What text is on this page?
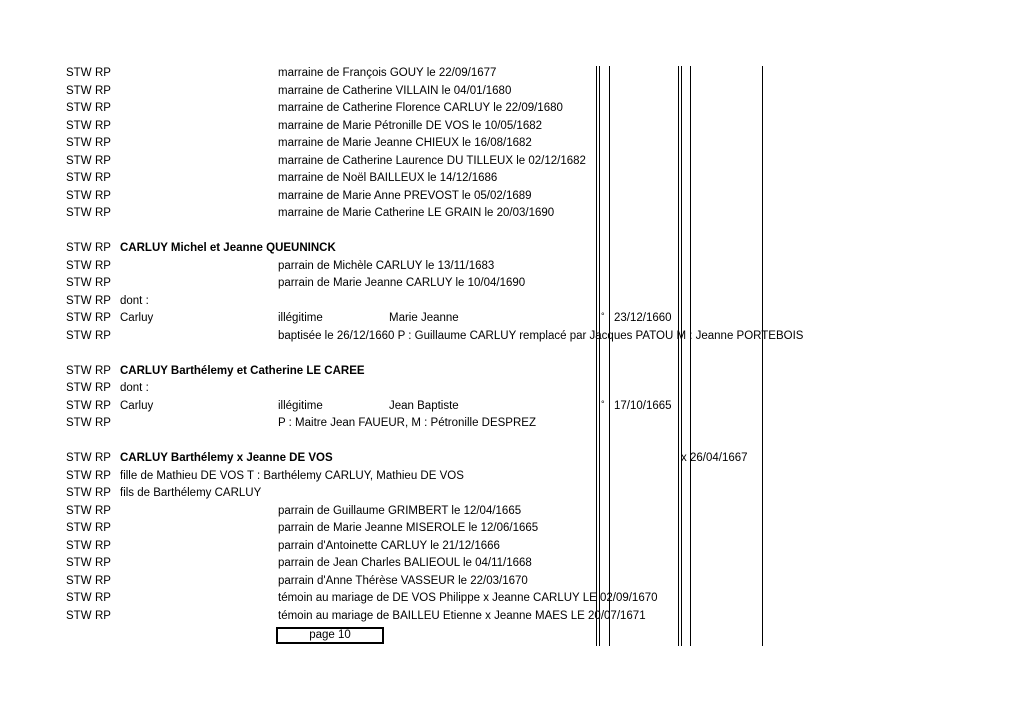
STW RP	marraine de François GOUY le 22/09/1677
STW RP	marraine de Catherine VILLAIN le 04/01/1680
STW RP	marraine de Catherine Florence CARLUY le 22/09/1680
STW RP	marraine de Marie Pétronille DE VOS le 10/05/1682
STW RP	marraine de Marie Jeanne CHIEUX le 16/08/1682
STW RP	marraine de Catherine Laurence DU TILLEUX le 02/12/1682
STW RP	marraine de Noël BAILLEUX le 14/12/1686
STW RP	marraine de Marie Anne PREVOST le 05/02/1689
STW RP	marraine de Marie Catherine LE GRAIN le 20/03/1690
STW RP CARLUY Michel et Jeanne QUEUNINCK
STW RP	parrain de Michèle CARLUY le 13/11/1683
STW RP	parrain de Marie Jeanne CARLUY le 10/04/1690
STW RP dont :
STW RP Carluy	illégitime	Marie Jeanne	° 23/12/1660
STW RP	baptisée le 26/12/1660 P : Guillaume CARLUY remplacé par Jacques PATOU M : Jeanne PORTEBOIS
STW RP CARLUY Barthélemy et Catherine LE CAREE
STW RP dont :
STW RP Carluy	illégitime	Jean Baptiste	° 17/10/1665
STW RP	P : Maitre Jean FAUEUR, M : Pétronille DESPREZ
STW RP CARLUY Barthélemy x Jeanne DE VOS	x 26/04/1667
STW RP fille de Mathieu DE VOS T : Barthélemy CARLUY, Mathieu DE VOS
STW RP fils de Barthélemy CARLUY
STW RP	parrain de Guillaume GRIMBERT le 12/04/1665
STW RP	parrain de Marie Jeanne MISEROLE le 12/06/1665
STW RP	parrain d'Antoinette CARLUY le 21/12/1666
STW RP	parrain de Jean Charles BALIEOUL le 04/11/1668
STW RP	parrain d'Anne Thérèse VASSEUR le 22/03/1670
STW RP	témoin au mariage de DE VOS Philippe x Jeanne CARLUY LE 02/09/1670
STW RP	témoin au mariage de BAILLEU Etienne x Jeanne MAES LE 20/07/1671
page 10
